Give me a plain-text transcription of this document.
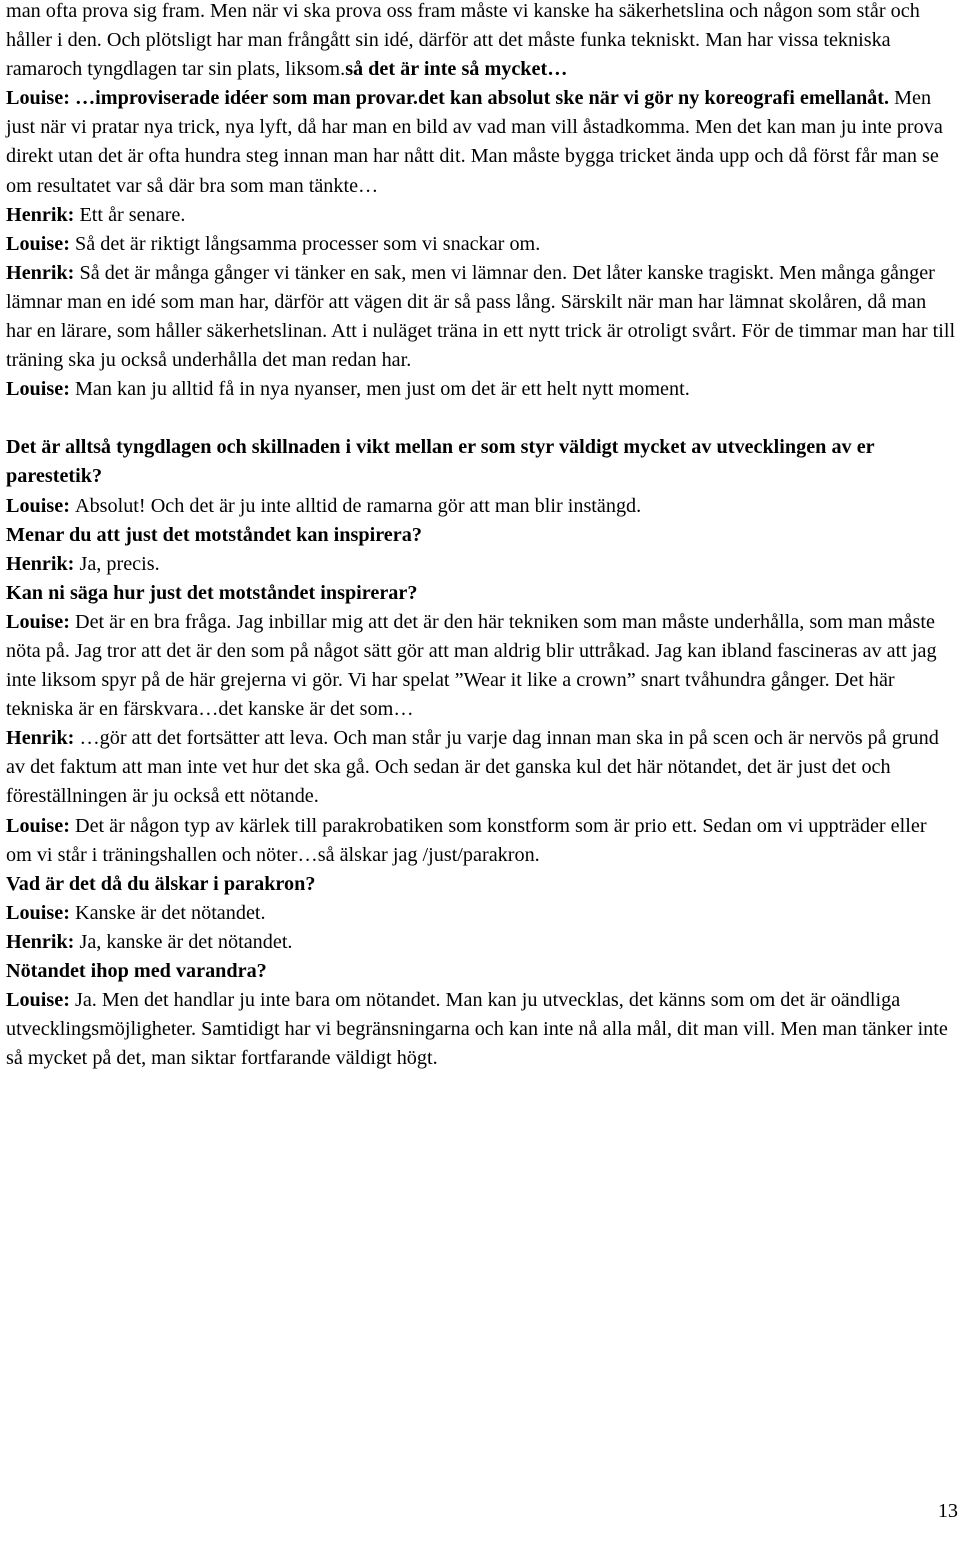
man ofta prova sig fram. Men när vi ska prova oss fram måste vi kanske ha säkerhetslina och någon som står och håller i den. Och plötsligt har man frångått sin idé, därför att det måste funka tekniskt. Man har vissa tekniska ramaroch tyngdlagen tar sin plats, liksom.så det är inte så mycket…

Louise: …improviserade idéer som man provar.det kan absolut ske när vi gör ny koreografi emellanåt. Men just när vi pratar nya trick, nya lyft, då har man en bild av vad man vill åstadkomma. Men det kan man ju inte prova direkt utan det är ofta hundra steg innan man har nått dit. Man måste bygga tricket ända upp och då först får man se om resultatet var så där bra som man tänkte…

Henrik: Ett år senare.

Louise: Så det är riktigt långsamma processer som vi snackar om.

Henrik: Så det är många gånger vi tänker en sak, men vi lämnar den. Det låter kanske tragiskt. Men många gånger lämnar man en idé som man har, därför att vägen dit är så pass lång. Särskilt när man har lämnat skolåren, då man har en lärare, som håller säkerhetslinan. Att i nuläget träna in ett nytt trick är otroligt svårt. För de timmar man har till träning ska ju också underhålla det man redan har.

Louise: Man kan ju alltid få in nya nyanser, men just om det är ett helt nytt moment.

Det är alltså tyngdlagen och skillnaden i vikt mellan er som styr väldigt mycket av utvecklingen av er parestetik?

Louise: Absolut! Och det är ju inte alltid de ramarna gör att man blir instängd.

Menar du att just det motståndet kan inspirera?

Henrik: Ja, precis.

Kan ni säga hur just det motståndet inspirerar?

Louise: Det är en bra fråga. Jag inbillar mig att det är den här tekniken som man måste underhålla, som man måste nöta på. Jag tror att det är den som på något sätt gör att man aldrig blir uttråkad. Jag kan ibland fascineras av att jag inte liksom spyr på de här grejerna vi gör. Vi har spelat ”Wear it like a crown” snart tvåhundra gånger. Det här tekniska är en färskvara…det kanske är det som…

Henrik: …gör att det fortsätter att leva. Och man står ju varje dag innan man ska in på scen och är nervös på grund av det faktum att man inte vet hur det ska gå. Och sedan är det ganska kul det här nötandet, det är just det och föreställningen är ju också ett nötande.

Louise: Det är någon typ av kärlek till parakrobatiken som konstform som är prio ett. Sedan om vi uppträder eller om vi står i träningshallen och nöter…så älskar jag /just/parakron.

Vad är det då du älskar i parakron?

Louise: Kanske är det nötandet.

Henrik: Ja, kanske är det nötandet.

Nötandet ihop med varandra?

Louise: Ja. Men det handlar ju inte bara om nötandet. Man kan ju utvecklas, det känns som om det är oändliga utvecklingsmöjligheter. Samtidigt har vi begränsningarna och kan inte nå alla mål, dit man vill. Men man tänker inte så mycket på det, man siktar fortfarande väldigt högt.

13
